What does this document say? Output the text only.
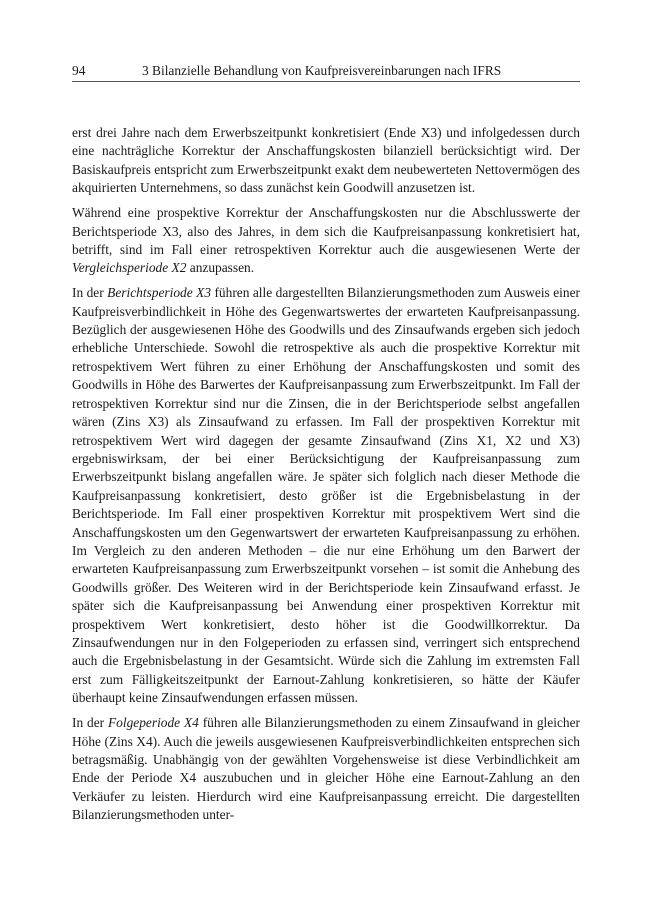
94	3 Bilanzielle Behandlung von Kaufpreisvereinbarungen nach IFRS

erst drei Jahre nach dem Erwerbszeitpunkt konkretisiert (Ende X3) und infolgedessen durch eine nachträgliche Korrektur der Anschaffungskosten bilanziell berücksichtigt wird. Der Basiskaufpreis entspricht zum Erwerbszeitpunkt exakt dem neubewerteten Nettovermögen des akquirierten Unternehmens, so dass zunächst kein Goodwill anzusetzen ist.

Während eine prospektive Korrektur der Anschaffungskosten nur die Abschlusswerte der Berichtsperiode X3, also des Jahres, in dem sich die Kaufpreisanpassung konkretisiert hat, betrifft, sind im Fall einer retrospektiven Korrektur auch die ausgewiesenen Werte der Vergleichsperiode X2 anzupassen.

In der Berichtsperiode X3 führen alle dargestellten Bilanzierungsmethoden zum Ausweis einer Kaufpreisverbindlichkeit in Höhe des Gegenwartswertes der erwarteten Kaufpreisanpassung. Bezüglich der ausgewiesenen Höhe des Goodwills und des Zinsaufwands ergeben sich jedoch erhebliche Unterschiede. Sowohl die retrospektive als auch die prospektive Korrektur mit retrospektivem Wert führen zu einer Erhöhung der Anschaffungskosten und somit des Goodwills in Höhe des Barwertes der Kaufpreisanpassung zum Erwerbszeitpunkt. Im Fall der retrospektiven Korrektur sind nur die Zinsen, die in der Berichtsperiode selbst angefallen wären (Zins X3) als Zinsaufwand zu erfassen. Im Fall der prospektiven Korrektur mit retrospektivem Wert wird dagegen der gesamte Zinsaufwand (Zins X1, X2 und X3) ergebniswirksam, der bei einer Berücksichtigung der Kaufpreisanpassung zum Erwerbszeitpunkt bislang angefallen wäre. Je später sich folglich nach dieser Methode die Kaufpreisanpassung konkretisiert, desto größer ist die Ergebnisbelastung in der Berichtsperiode. Im Fall einer prospektiven Korrektur mit prospektivem Wert sind die Anschaffungskosten um den Gegenwartswert der erwarteten Kaufpreisanpassung zu erhöhen. Im Vergleich zu den anderen Methoden – die nur eine Erhöhung um den Barwert der erwarteten Kaufpreisanpassung zum Erwerbszeitpunkt vorsehen – ist somit die Anhebung des Goodwills größer. Des Weiteren wird in der Berichtsperiode kein Zinsaufwand erfasst. Je später sich die Kaufpreisanpassung bei Anwendung einer prospektiven Korrektur mit prospektivem Wert konkretisiert, desto höher ist die Goodwillkorrektur. Da Zinsaufwendungen nur in den Folgeperioden zu erfassen sind, verringert sich entsprechend auch die Ergebnisbelastung in der Gesamtsicht. Würde sich die Zahlung im extremsten Fall erst zum Fälligkeitszeitpunkt der Earnout-Zahlung konkretisieren, so hätte der Käufer überhaupt keine Zinsaufwendungen erfassen müssen.

In der Folgeperiode X4 führen alle Bilanzierungsmethoden zu einem Zinsaufwand in gleicher Höhe (Zins X4). Auch die jeweils ausgewiesenen Kaufpreisverbindlichkeiten entsprechen sich betragsmäßig. Unabhängig von der gewählten Vorgehensweise ist diese Verbindlichkeit am Ende der Periode X4 auszubuchen und in gleicher Höhe eine Earnout-Zahlung an den Verkäufer zu leisten. Hierdurch wird eine Kaufpreisanpassung erreicht. Die dargestellten Bilanzierungsmethoden unter-
